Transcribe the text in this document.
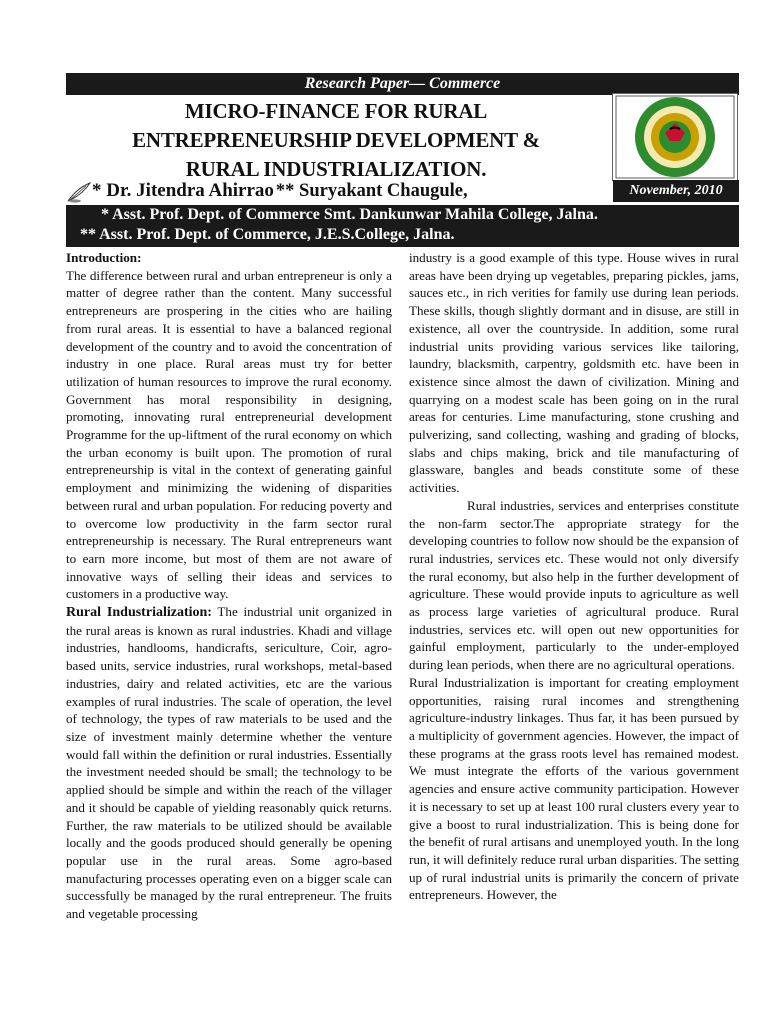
Research Paper— Commerce
MICRO-FINANCE FOR RURAL
ENTREPRENEURSHIP DEVELOPMENT &
RURAL INDUSTRIALIZATION.
* Dr. Jitendra Ahirrao ** Suryakant Chaugule,	November, 2010
* Asst. Prof. Dept. of Commerce Smt. Dankunwar Mahila College, Jalna.
** Asst. Prof. Dept. of Commerce, J.E.S.College, Jalna.

Introduction:

The difference between rural and urban entrepreneur is only a matter of degree rather than the content. Many successful entrepreneurs are prospering in the cities who are hailing from rural areas. It is essential to have a balanced regional development of the country and to avoid the concentration of industry in one place. Rural areas must try for better utilization of human resources to improve the rural economy. Government has moral responsibility in designing, promoting, innovating rural entrepreneurial development Programme for the up-liftment of the rural economy on which the urban economy is built upon. The promotion of rural entrepreneurship is vital in the context of generating gainful employment and minimizing the widening of disparities between rural and urban population. For reducing poverty and to overcome low productivity in the farm sector rural entrepreneurship is necessary. The Rural entrepreneurs want to earn more income, but most of them are not aware of innovative ways of selling their ideas and services to customers in a productive way.

Rural Industrialization: The industrial unit organized in the rural areas is known as rural industries. Khadi and village industries, handlooms, handicrafts, sericulture, Coir, agro-based units, service industries, rural workshops, metal-based industries, dairy and related activities, etc are the various examples of rural industries. The scale of operation, the level of technology, the types of raw materials to be used and the size of investment mainly determine whether the venture would fall within the definition or rural industries. Essentially the investment needed should be small; the technology to be applied should be simple and within the reach of the villager and it should be capable of yielding reasonably quick returns. Further, the raw materials to be utilized should be available locally and the goods produced should generally be opening popular use in the rural areas. Some agro-based manufacturing processes operating even on a bigger scale can successfully be managed by the rural entrepreneur. The fruits and vegetable processing

industry is a good example of this type. House wives in rural areas have been drying up vegetables, preparing pickles, jams, sauces etc., in rich verities for family use during lean periods. These skills, though slightly dormant and in disuse, are still in existence, all over the countryside. In addition, some rural industrial units providing various services like tailoring, laundry, blacksmith, carpentry, goldsmith etc. have been in existence since almost the dawn of civilization. Mining and quarrying on a modest scale has been going on in the rural areas for centuries. Lime manufacturing, stone crushing and pulverizing, sand collecting, washing and grading of blocks, slabs and chips making, brick and tile manufacturing of glassware, bangles and beads constitute some of these activities.

Rural industries, services and enterprises constitute the non-farm sector.The appropriate strategy for the developing countries to follow now should be the expansion of rural industries, services etc. These would not only diversify the rural economy, but also help in the further development of agriculture. These would provide inputs to agriculture as well as process large varieties of agricultural produce. Rural industries, services etc. will open out new opportunities for gainful employment, particularly to the under-employed during lean periods, when there are no agricultural operations.

Rural Industrialization is important for creating employment opportunities, raising rural incomes and strengthening agriculture-industry linkages. Thus far, it has been pursued by a multiplicity of government agencies. However, the impact of these programs at the grass roots level has remained modest. We must integrate the efforts of the various government agencies and ensure active community participation. However it is necessary to set up at least 100 rural clusters every year to give a boost to rural industrialization. This is being done for the benefit of rural artisans and unemployed youth. In the long run, it will definitely reduce rural urban disparities. The setting up of rural industrial units is primarily the concern of private entrepreneurs. However, the
